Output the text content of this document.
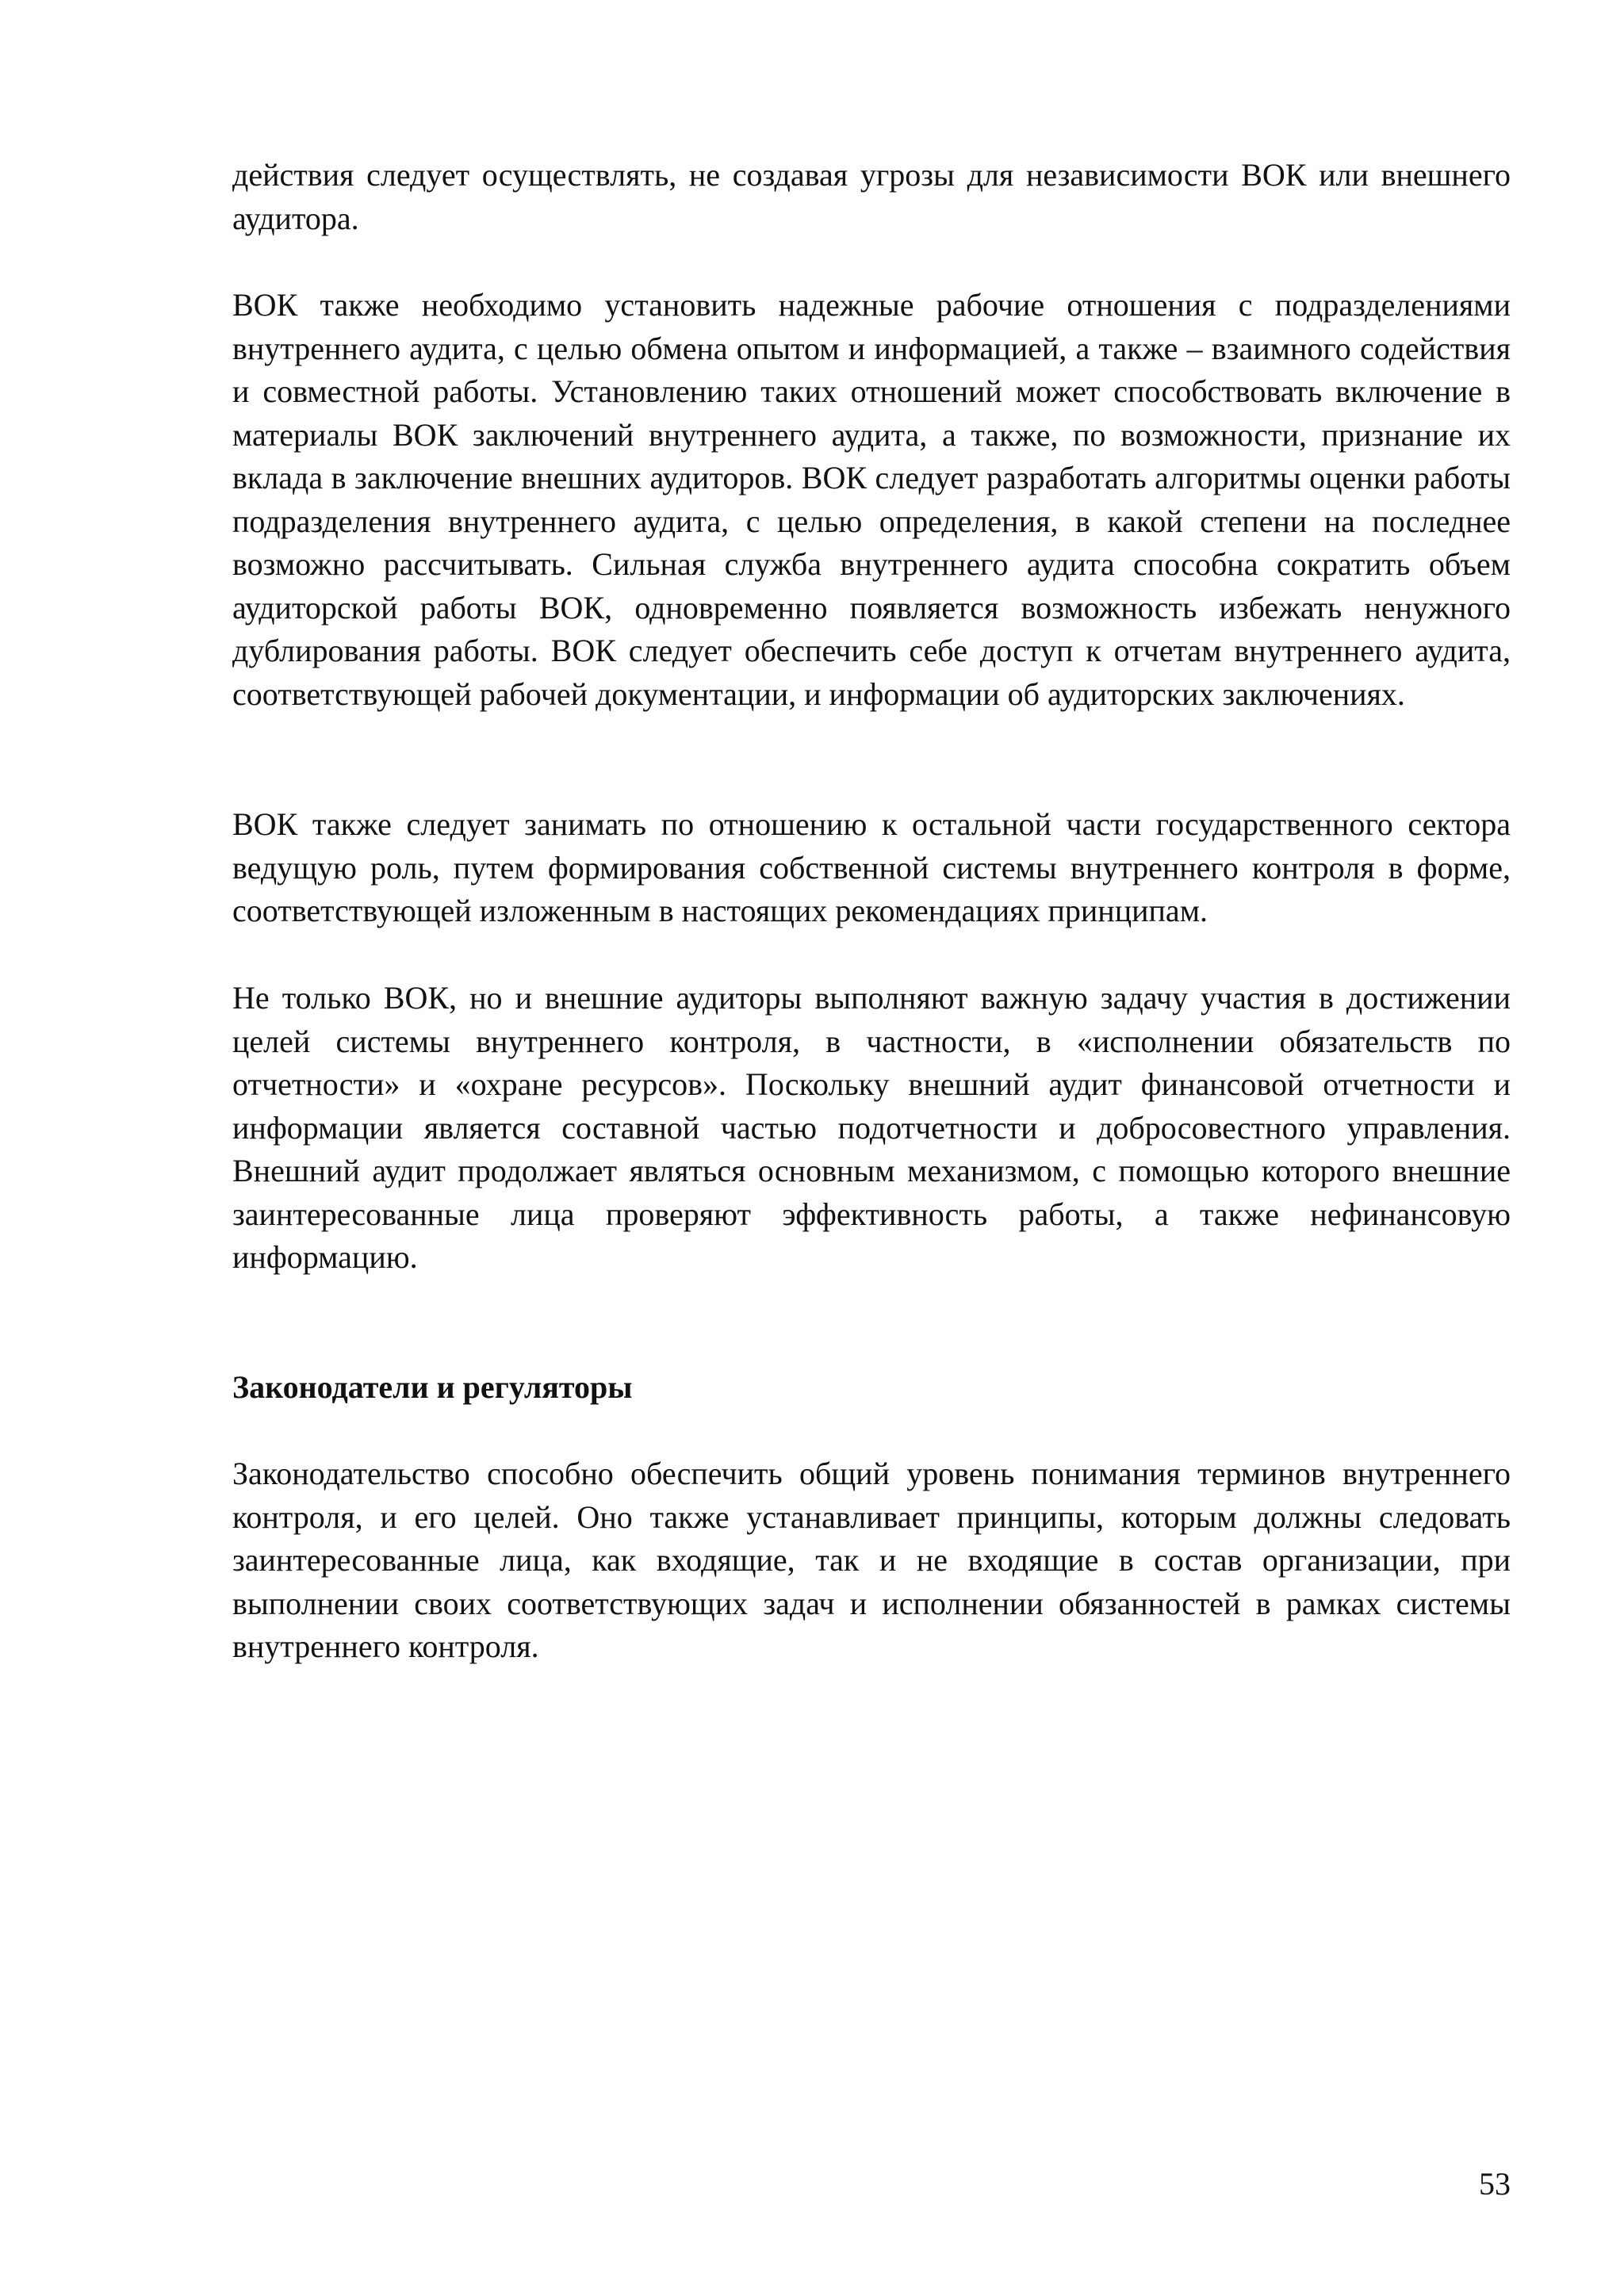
действия следует осуществлять, не создавая угрозы для независимости ВОК или внешнего аудитора.

ВОК также необходимо установить надежные рабочие отношения с подразделениями внутреннего аудита, с целью обмена опытом и информацией, а также – взаимного содействия и совместной работы. Установлению таких отношений может способствовать включение в материалы ВОК заключений внутреннего аудита, а также, по возможности, признание их вклада в заключение внешних аудиторов. ВОК следует разработать алгоритмы оценки работы подразделения внутреннего аудита, с целью определения, в какой степени на последнее возможно рассчитывать. Сильная служба внутреннего аудита способна сократить объем аудиторской работы ВОК, одновременно появляется возможность избежать ненужного дублирования работы. ВОК следует обеспечить себе доступ к отчетам внутреннего аудита, соответствующей рабочей документации, и информации об аудиторских заключениях.

ВОК также следует занимать по отношению к остальной части государственного сектора ведущую роль, путем формирования собственной системы внутреннего контроля в форме, соответствующей изложенным в настоящих рекомендациях принципам.

Не только ВОК, но и внешние аудиторы выполняют важную задачу участия в достижении целей системы внутреннего контроля, в частности, в «исполнении обязательств по отчетности» и «охране ресурсов». Поскольку внешний аудит финансовой отчетности и информации является составной частью подотчетности и добросовестного управления. Внешний аудит продолжает являться основным механизмом, с помощью которого внешние заинтересованные лица проверяют эффективность работы, а также нефинансовую информацию.

Законодатели и регуляторы

Законодательство способно обеспечить общий уровень понимания терминов внутреннего контроля, и его целей. Оно также устанавливает принципы, которым должны следовать заинтересованные лица, как входящие, так и не входящие в состав организации, при выполнении своих соответствующих задач и исполнении обязанностей в рамках системы внутреннего контроля.

53
